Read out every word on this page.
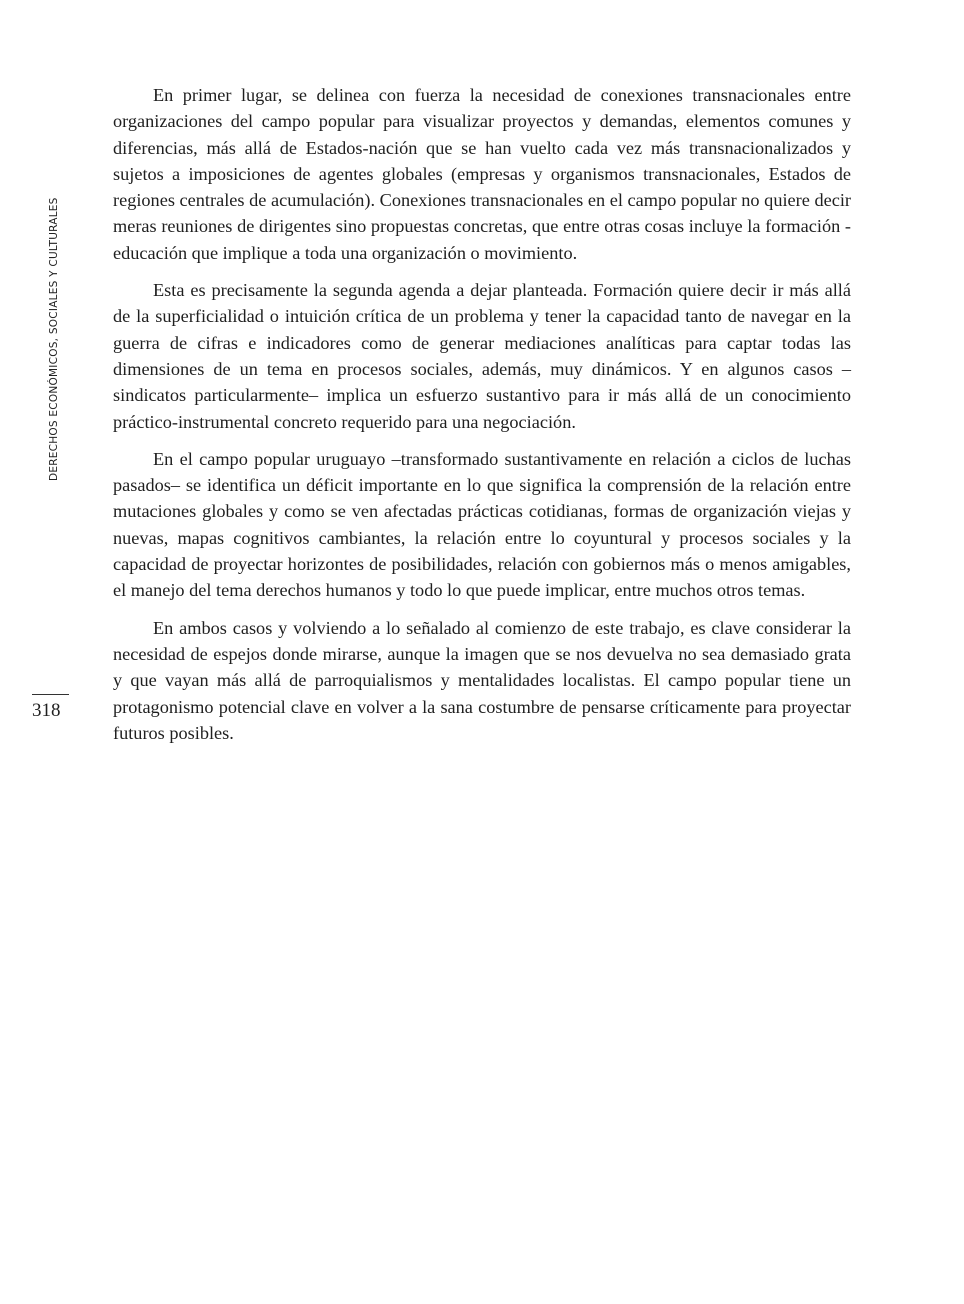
DERECHOS ECONÓMICOS, SOCIALES Y CULTURALES
318

En primer lugar, se delinea con fuerza la necesidad de conexiones transnacionales entre organizaciones del campo popular para visualizar proyectos y demandas, elementos comunes y diferencias, más allá de Estados-nación que se han vuelto cada vez más transnacionalizados y sujetos a imposiciones de agentes globales (empresas y organismos transnacionales, Estados de regiones centrales de acumulación). Conexiones transnacionales en el campo popular no quiere decir meras reuniones de dirigentes sino propuestas concretas, que entre otras cosas incluye la formación - educación que implique a toda una organización o movimiento.

Esta es precisamente la segunda agenda a dejar planteada. Formación quiere decir ir más allá de la superficialidad o intuición crítica de un problema y tener la capacidad tanto de navegar en la guerra de cifras e indicadores como de generar mediaciones analíticas para captar todas las dimensiones de un tema en procesos sociales, además, muy dinámicos. Y en algunos casos –sindicatos particularmente– implica un esfuerzo sustantivo para ir más allá de un conocimiento práctico-instrumental concreto requerido para una negociación.

En el campo popular uruguayo –transformado sustantivamente en relación a ciclos de luchas pasados– se identifica un déficit importante en lo que significa la comprensión de la relación entre mutaciones globales y como se ven afectadas prácticas cotidianas, formas de organización viejas y nuevas, mapas cognitivos cambiantes, la relación entre lo coyuntural y procesos sociales y la capacidad de proyectar horizontes de posibilidades, relación con gobiernos más o menos amigables, el manejo del tema derechos humanos y todo lo que puede implicar, entre muchos otros temas.

En ambos casos y volviendo a lo señalado al comienzo de este trabajo, es clave considerar la necesidad de espejos donde mirarse, aunque la imagen que se nos devuelva no sea demasiado grata y que vayan más allá de parroquialismos y mentalidades localistas. El campo popular tiene un protagonismo potencial clave en volver a la sana costumbre de pensarse críticamente para proyectar futuros posibles.
